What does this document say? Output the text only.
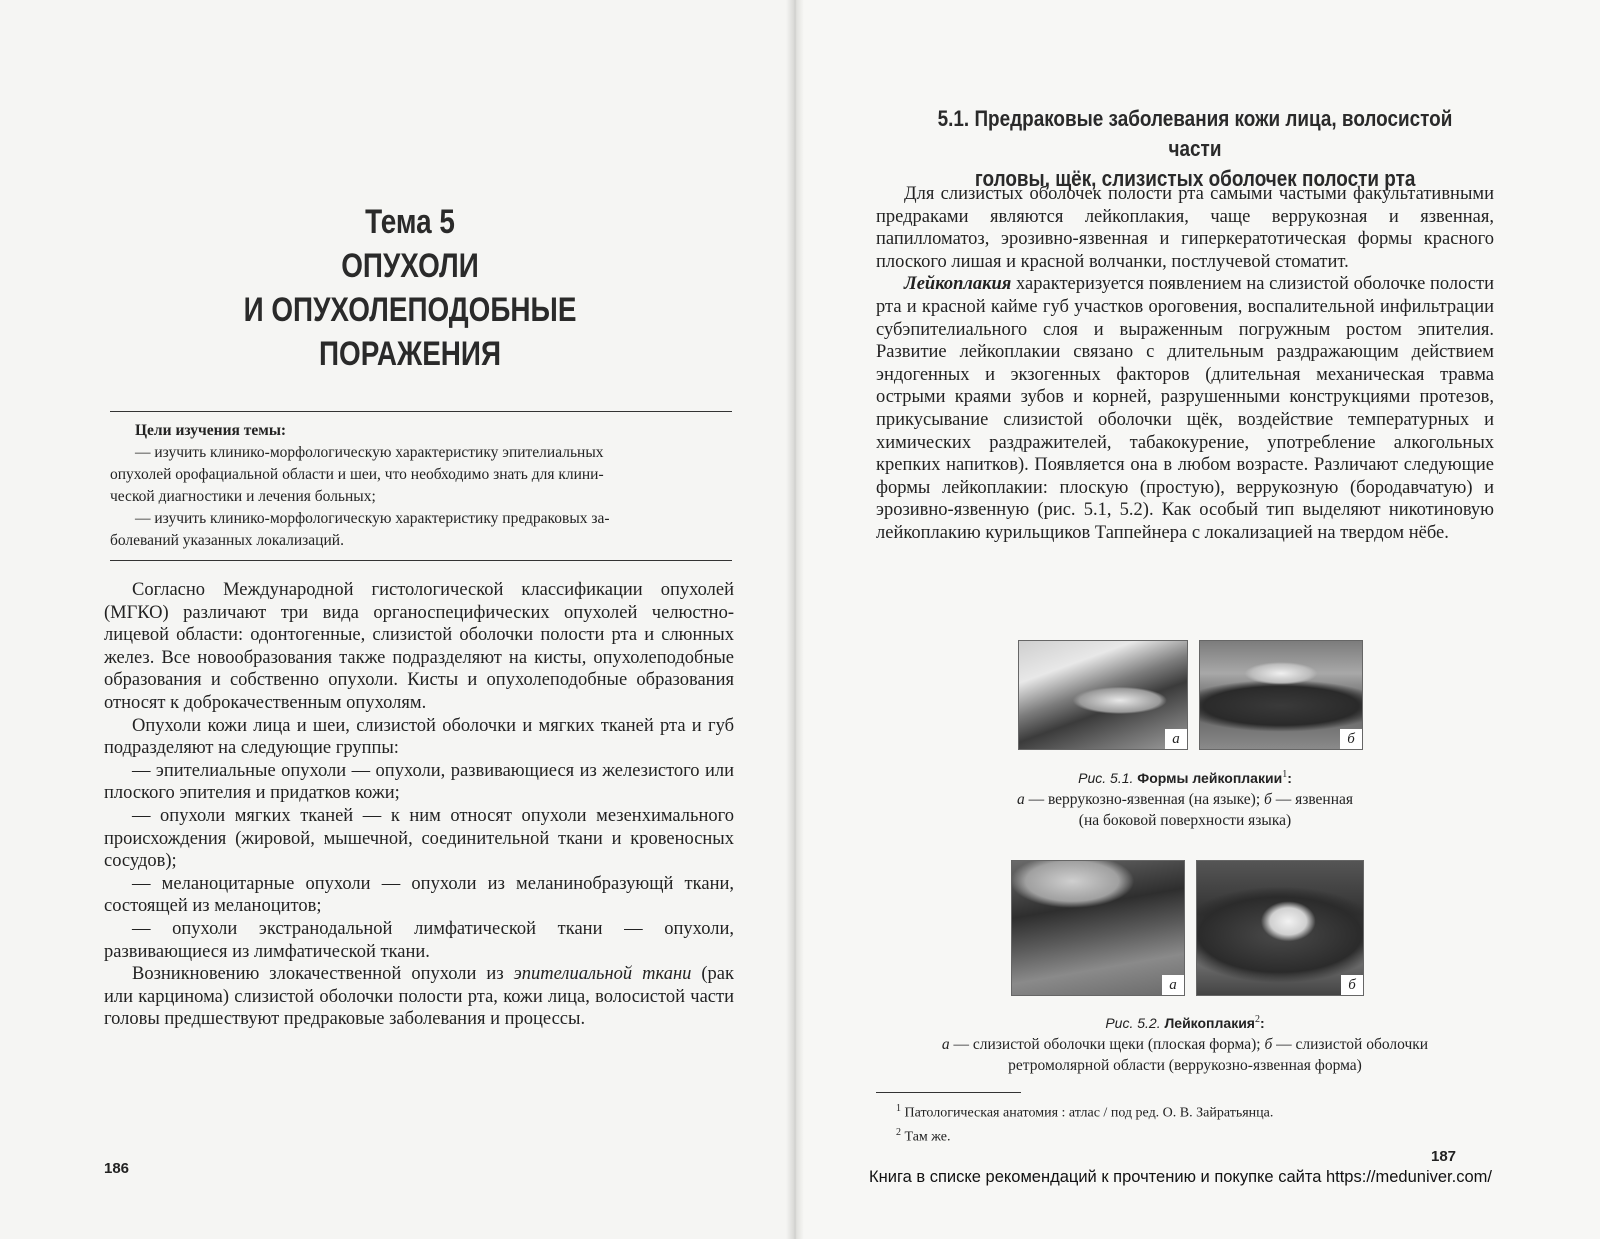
Тема 5
ОПУХОЛИ
И ОПУХОЛЕПОДОБНЫЕ
ПОРАЖЕНИЯ
Цели изучения темы:
— изучить клинико-морфологическую характеристику эпителиальных
опухолей орофациальной области и шеи, что необходимо знать для клини-
ческой диагностики и лечения больных;
— изучить клинико-морфологическую характеристику предраковых за-
болеваний указанных локализаций.

Согласно Международной гистологической классификации опухолей (МГКО) различают три вида органоспецифических опухолей челюстно-лицевой области: одонтогенные, слизистой оболочки полости рта и слюнных желез. Все новообразования также подразделяют на кисты, опухолеподобные образования и собственно опухоли. Кисты и опухолеподобные образования относят к доброкачественным опухолям.

Опухоли кожи лица и шеи, слизистой оболочки и мягких тканей рта и губ подразделяют на следующие группы:

— эпителиальные опухоли — опухоли, развивающиеся из железистого или плоского эпителия и придатков кожи;

— опухоли мягких тканей — к ним относят опухоли мезенхимального происхождения (жировой, мышечной, соединительной ткани и кровеносных сосудов);

— меланоцитарные опухоли — опухоли из меланинобразующй ткани, состоящей из меланоцитов;

— опухоли экстранодальной лимфатической ткани — опухоли, развивающиеся из лимфатической ткани.

Возникновению злокачественной опухоли из эпителиальной ткани (рак или карцинома) слизистой оболочки полости рта, кожи лица, волосистой части головы предшествуют предраковые заболевания и процессы.

186
5.1. Предраковые заболевания кожи лица, волосистой части
головы, щёк, слизистых оболочек полости рта

Для слизистых оболочек полости рта самыми частыми факультативными предраками являются лейкоплакия, чаще веррукозная и язвенная, папилломатоз, эрозивно-язвенная и гиперкератотическая формы красного плоского лишая и красной волчанки, постлучевой стоматит.

Лейкоплакия характеризуется появлением на слизистой оболочке полости рта и красной кайме губ участков ороговения, воспалительной инфильтрации субэпителиального слоя и выраженным погружным ростом эпителия. Развитие лейкоплакии связано с длительным раздражающим действием эндогенных и экзогенных факторов (длительная механическая травма острыми краями зубов и корней, разрушенными конструкциями протезов, прикусывание слизистой оболочки щёк, воздействие температурных и химических раздражителей, табакокурение, употребление алкогольных крепких напитков). Появляется она в любом возрасте. Различают следующие формы лейкоплакии: плоскую (простую), веррукозную (бородавчатую) и эрозивно-язвенную (рис. 5.1, 5.2). Как особый тип выделяют никотиновую лейкоплакию курильщиков Таппейнера с локализацией на твердом нёбе.

а	б
Рис. 5.1. Формы лейкоплакии$^1$:
а — веррукозно-язвенная (на языке); б — язвенная
(на боковой поверхности языка)
а	б
Рис. 5.2. Лейкоплакия$^2$:
а — слизистой оболочки щеки (плоская форма); б — слизистой оболочки
ретромолярной области (веррукозно-язвенная форма)
$^1$ Патологическая анатомия : атлас / под ред. О. В. Зайратьянца.
$^2$ Там же.
187
Книга в списке рекомендаций к прочтению и покупке сайта https://meduniver.com/
